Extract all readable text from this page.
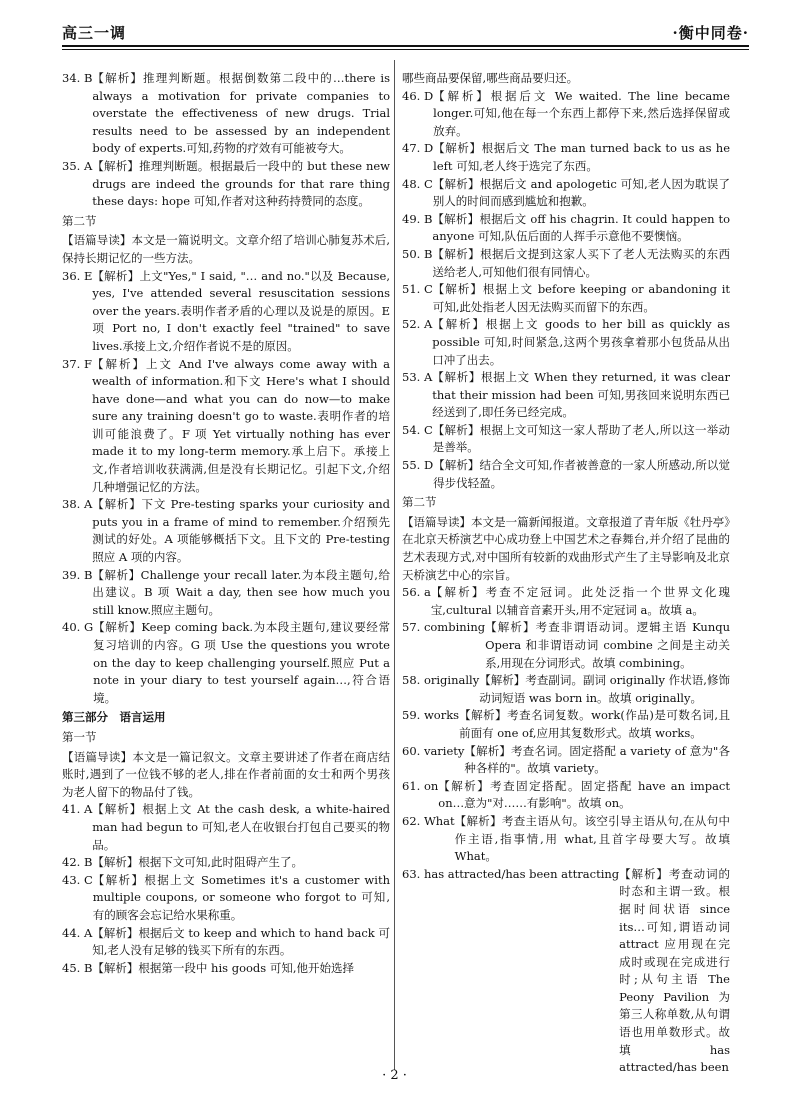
高三一调	·衡中同卷·
34. B 【解析】推理判断题。根据倒数第二段中的…there is always a motivation for private companies to overstate the effectiveness of new drugs. Trial results need to be assessed by an independent body of experts.可知,药物的疗效有可能被夸大。
35. A 【解析】推理判断题。根据最后一段中的 but these new drugs are indeed the grounds for that rare thing these days: hope 可知,作者对这种药持赞同的态度。
第二节
【语篇导读】本文是一篇说明文。文章介绍了培训心肺复苏术后,保持长期记忆的一些方法。
36. E 【解析】上文"Yes," I said, "… and no."以及 Because, yes, I've attended several resuscitation sessions over the years.表明作者矛盾的心理以及说是的原因。E 项 Port no, I don't exactly feel "trained" to save lives.承接上文,介绍作者说不是的原因。
37. F 【解析】上文 And I've always come away with a wealth of information.和下文 Here's what I should have done—and what you can do now—to make sure any training doesn't go to waste.表明作者的培训可能浪费了。F 项 Yet virtually nothing has ever made it to my long-term memory.承上启下。承接上文,作者培训收获满满,但是没有长期记忆。引起下文,介绍几种增强记忆的方法。
38. A 【解析】下文 Pre-testing sparks your curiosity and puts you in a frame of mind to remember.介绍预先测试的好处。A 项能够概括下文。且下文的 Pre-testing 照应 A 项的内容。
39. B 【解析】Challenge your recall later.为本段主题句,给出建议。B 项 Wait a day, then see how much you still know.照应主题句。
40. G 【解析】Keep coming back.为本段主题句,建议要经常复习培训的内容。G 项 Use the questions you wrote on the day to keep challenging yourself.照应 Put a note in your diary to test yourself again…,符合语境。
第三部分　语言运用
第一节
【语篇导读】本文是一篇记叙文。文章主要讲述了作者在商店结账时,遇到了一位钱不够的老人,排在作者前面的女士和两个男孩为老人留下的物品付了钱。
41. A 【解析】根据上文 At the cash desk, a white-haired man had begun to 可知,老人在收银台打包自己要买的物品。
42. B 【解析】根据下文可知,此时阻碍产生了。
43. C 【解析】根据上文 Sometimes it's a customer with multiple coupons, or someone who forgot to 可知,有的顾客会忘记给水果称重。
44. A 【解析】根据后文 to keep and which to hand back 可知,老人没有足够的钱买下所有的东西。
45. B 【解析】根据第一段中 his goods 可知,他开始选择
哪些商品要保留,哪些商品要归还。
46. D 【解析】根据后文 We waited. The line became longer.可知,他在每一个东西上都停下来,然后选择保留或放弃。
47. D 【解析】根据后文 The man turned back to us as he left 可知,老人终于选完了东西。
48. C 【解析】根据后文 and apologetic 可知,老人因为耽误了别人的时间而感到尴尬和抱歉。
49. B 【解析】根据后文 off his chagrin. It could happen to anyone 可知,队伍后面的人挥手示意他不要懊恼。
50. B 【解析】根据后文提到这家人买下了老人无法购买的东西送给老人,可知他们很有同情心。
51. C 【解析】根据上文 before keeping or abandoning it 可知,此处指老人因无法购买而留下的东西。
52. A 【解析】根据上文 goods to her bill as quickly as possible 可知,时间紧急,这两个男孩拿着那小包货品从出口冲了出去。
53. A 【解析】根据上文 When they returned, it was clear that their mission had been 可知,男孩回来说明东西已经送到了,即任务已经完成。
54. C 【解析】根据上文可知这一家人帮助了老人,所以这一举动是善举。
55. D 【解析】结合全文可知,作者被善意的一家人所感动,所以觉得步伐轻盈。
第二节
【语篇导读】本文是一篇新闻报道。文章报道了青年版《牡丹亭》在北京天桥演艺中心成功登上中国艺术之春舞台,并介绍了昆曲的艺术表现方式,对中国所有较新的戏曲形式产生了主导影响及北京天桥演艺中心的宗旨。
56. a 【解析】考查不定冠词。此处泛指一个世界文化瑰宝,cultural 以辅音音素开头,用不定冠词 a。故填 a。
57. combining 【解析】考查非谓语动词。逻辑主语 Kunqu Opera 和非谓语动词 combine 之间是主动关系,用现在分词形式。故填 combining。
58. originally 【解析】考查副词。副词 originally 作状语,修饰动词短语 was born in。故填 originally。
59. works 【解析】考查名词复数。work(作品)是可数名词,且前面有 one of,应用其复数形式。故填 works。
60. variety 【解析】考查名词。固定搭配 a variety of 意为"各种各样的"。故填 variety。
61. on 【解析】考查固定搭配。固定搭配 have an impact on…意为"对……有影响"。故填 on。
62. What 【解析】考查主语从句。该空引导主语从句,在从句中作主语,指事情,用 what,且首字母要大写。故填 What。
63. has attracted/has been attracting 【解析】考查动词的时态和主谓一致。根据时间状语 since its…可知,谓语动词 attract 应用现在完成时或现在完成进行时;从句主语 The Peony Pavilion 为第三人称单数,从句谓语也用单数形式。故填 has attracted/has been
· 2 ·
